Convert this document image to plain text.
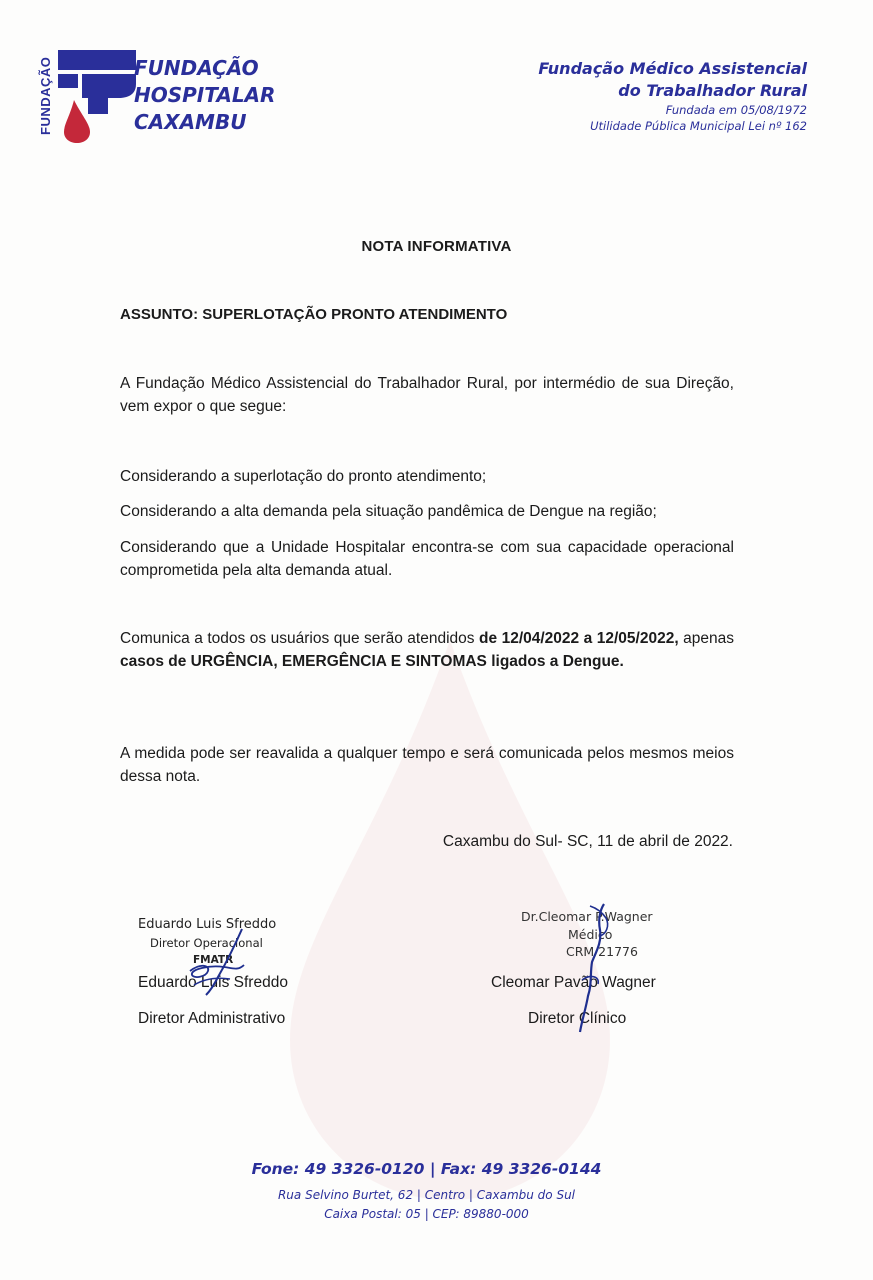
FUNDAÇÃO	FUNDAÇÃO
HOSPITALAR
CAXAMBU
Fundação Médico Assistencial
do Trabalhador Rural
Fundada em 05/08/1972
Utilidade Pública Municipal Lei nº 162
NOTA INFORMATIVA
ASSUNTO: SUPERLOTAÇÃO PRONTO ATENDIMENTO
A Fundação Médico Assistencial do Trabalhador Rural, por intermédio de sua Direção, vem expor o que segue:
Considerando a superlotação do pronto atendimento;
Considerando a alta demanda pela situação pandêmica de Dengue na região;
Considerando que a Unidade Hospitalar encontra-se com sua capacidade operacional comprometida pela alta demanda atual.
Comunica a todos os usuários que serão atendidos de 12/04/2022 a 12/05/2022, apenas casos de URGÊNCIA, EMERGÊNCIA E SINTOMAS ligados a Dengue.
A medida pode ser reavalida a qualquer tempo e será comunicada pelos mesmos meios dessa nota.
Caxambu do Sul- SC, 11 de abril de 2022.
Eduardo Luis Sfreddo
Diretor Operacional
FMATR
Eduardo Luis Sfreddo
Diretor Administrativo
Dr.Cleomar P.Wagner
Médico
CRM 21776
Cleomar Pavão Wagner
Diretor Clínico
Fone: 49 3326-0120 | Fax: 49 3326-0144
Rua Selvino Burtet, 62 | Centro | Caxambu do Sul
Caixa Postal: 05 | CEP: 89880-000
